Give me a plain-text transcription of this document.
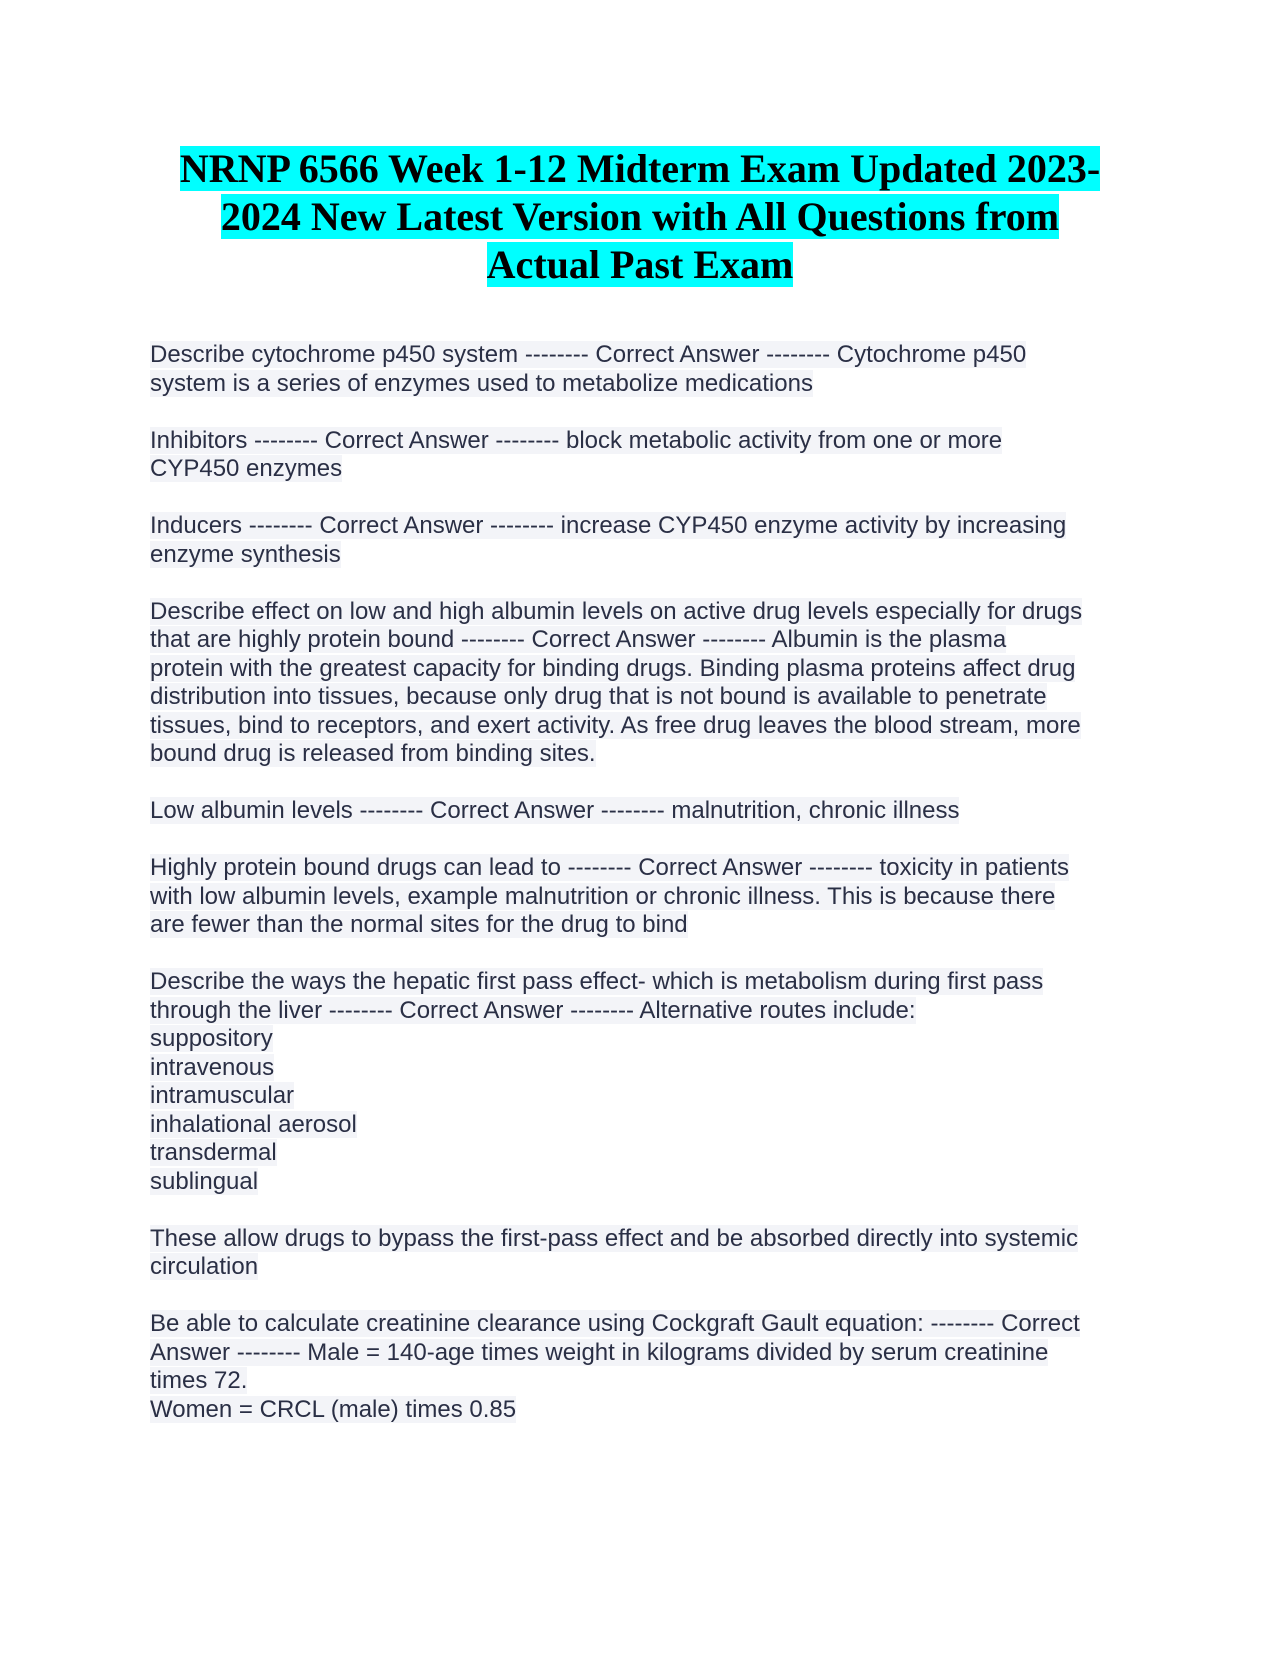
NRNP 6566 Week 1-12 Midterm Exam Updated 2023-
2024 New Latest Version with All Questions from
Actual Past Exam
Describe cytochrome p450 system -------- Correct Answer -------- Cytochrome p450
system is a series of enzymes used to metabolize medications
Inhibitors -------- Correct Answer -------- block metabolic activity from one or more
CYP450 enzymes
Inducers -------- Correct Answer -------- increase CYP450 enzyme activity by increasing
enzyme synthesis
Describe effect on low and high albumin levels on active drug levels especially for drugs
that are highly protein bound -------- Correct Answer -------- Albumin is the plasma
protein with the greatest capacity for binding drugs. Binding plasma proteins affect drug
distribution into tissues, because only drug that is not bound is available to penetrate
tissues, bind to receptors, and exert activity. As free drug leaves the blood stream, more
bound drug is released from binding sites.
Low albumin levels -------- Correct Answer -------- malnutrition, chronic illness
Highly protein bound drugs can lead to -------- Correct Answer -------- toxicity in patients
with low albumin levels, example malnutrition or chronic illness. This is because there
are fewer than the normal sites for the drug to bind
Describe the ways the hepatic first pass effect- which is metabolism during first pass
through the liver -------- Correct Answer -------- Alternative routes include:
suppository
intravenous
intramuscular
inhalational aerosol
transdermal
sublingual
These allow drugs to bypass the first-pass effect and be absorbed directly into systemic
circulation
Be able to calculate creatinine clearance using Cockgraft Gault equation: -------- Correct
Answer -------- Male = 140-age times weight in kilograms divided by serum creatinine
times 72.
Women = CRCL (male) times 0.85
